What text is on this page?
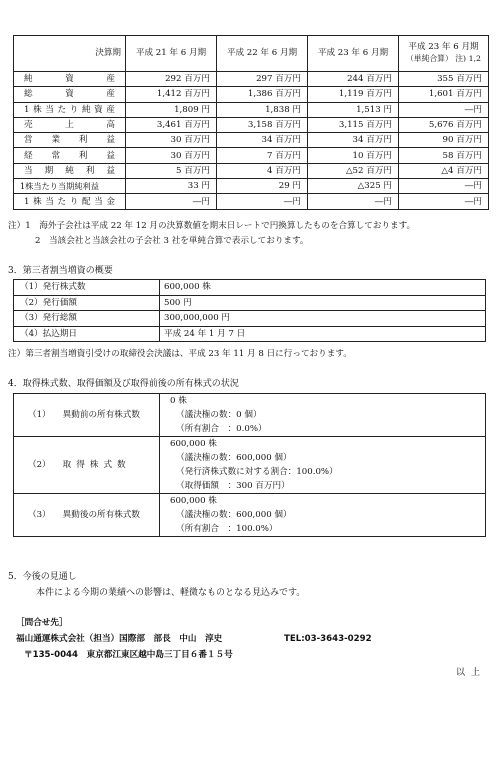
決算期	平成 21 年 6 月期	平成 22 年 6 月期	平成 23 年 6 月期	平成 23 年 6 月期
（単純合算） 注) 1,2
純資産	292 百万円	297 百万円	244 百万円	355 百万円
総資産	1,412 百万円	1,386 百万円	1,119 百万円	1,601 百万円
1株当たり純資産	1,809 円	1,838 円	1,513 円	―円
売上高	3,461 百万円	3,158 百万円	3,115 百万円	5,676 百万円
営業利益	30 百万円	34 百万円	34 百万円	90 百万円
経常利益	30 百万円	7 百万円	10 百万円	58 百万円
当期純利益	5 百万円	4 百万円	△52 百万円	△4 百万円
1株当たり当期純利益	33 円	29 円	△325 円	―円
1株当たり配当金	―円	―円	―円	―円
注）1　海外子会社は平成 22 年 12 月の決算数値を期末日レートで円換算したものを合算しております。
2　当該会社と当該会社の子会社 3 社を単純合算で表示しております。
3．第三者割当増資の概要
（1）発行株式数	600,000 株
（2）発行価額	500 円
（3）発行総額	300,000,000 円
（4）払込期日	平成 24 年 1 月 7 日
注）第三者割当増資引受けの取締役会決議は、平成 23 年 11 月 8 日に行っております。
4．取得株式数、取得価額及び取得前後の所有株式の状況
（1） 異動前の所有株式数	0 株
（議決権の数：0 個）
（所有割合　：0.0%）

（2） 取得株式数	600,000 株
（議決権の数：600,000 個）
（発行済株式数に対する割合：100.0%）
（取得価額　：300 百万円）

（3） 異動後の所有株式数	600,000 株
（議決権の数：600,000 個）
（所有割合　：100.0%）
5．今後の見通し
本件による今期の業績への影響は、軽微なものとなる見込みです。
［問合せ先］
福山通運株式会社（担当）国際部　部長　中山　淳史	TEL:03-3643-0292
〒135-0044　東京都江東区越中島三丁目６番１５号
以上
